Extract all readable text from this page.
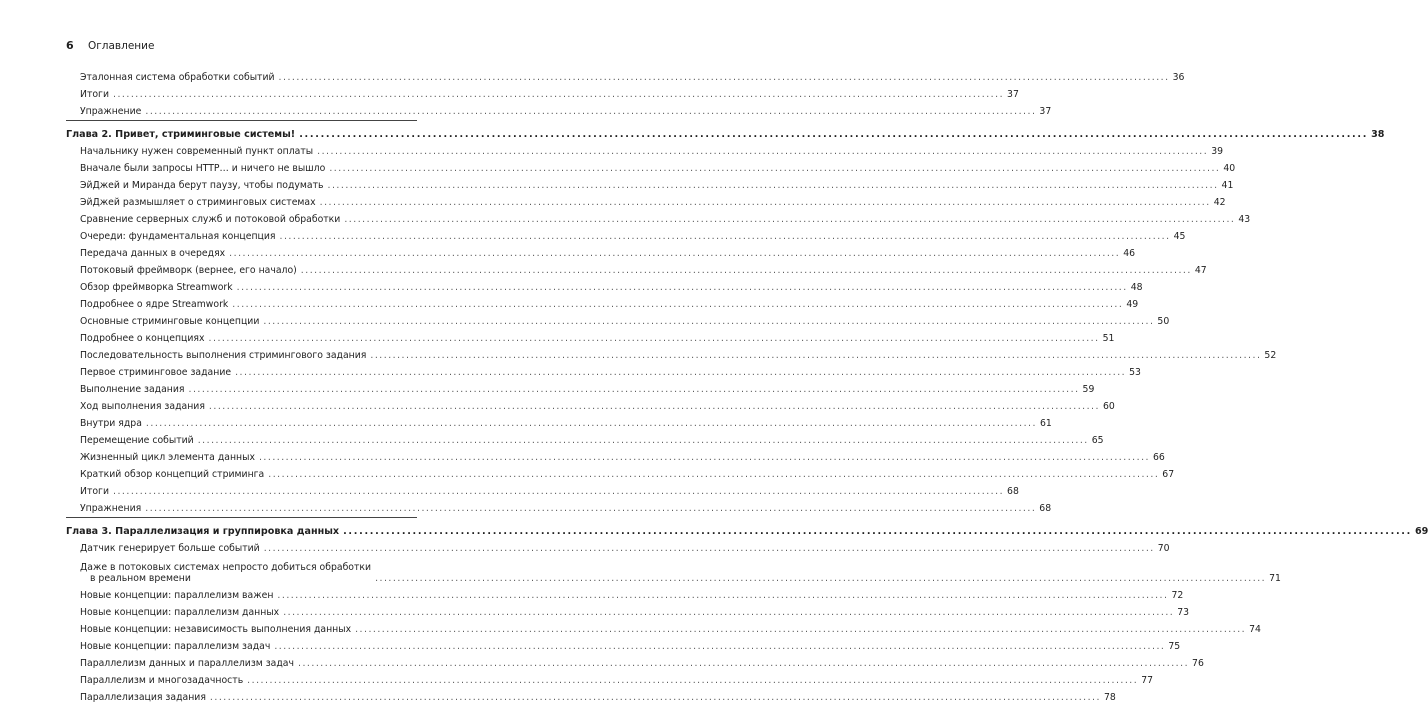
6	Оглавление
Эталонная система обработки событий ........................................................................................................................................................................................................ 36
Итоги ........................................................................................................................................................................................................ 37
Упражнение ........................................................................................................................................................................................................ 37
Глава 2. Привет, стриминговые системы! ........................................................................................................................................................................................................ 38
Начальнику нужен современный пункт оплаты ........................................................................................................................................................................................................ 39
Вначале были запросы HTTP… и ничего не вышло ........................................................................................................................................................................................................ 40
ЭйДжей и Миранда берут паузу, чтобы подумать ........................................................................................................................................................................................................ 41
ЭйДжей размышляет о стриминговых системах ........................................................................................................................................................................................................ 42
Сравнение серверных служб и потоковой обработки ........................................................................................................................................................................................................ 43
Очереди: фундаментальная концепция ........................................................................................................................................................................................................ 45
Передача данных в очередях ........................................................................................................................................................................................................ 46
Потоковый фреймворк (вернее, его начало) ........................................................................................................................................................................................................ 47
Обзор фреймворка Streamwork ........................................................................................................................................................................................................ 48
Подробнее о ядре Streamwork ........................................................................................................................................................................................................ 49
Основные стриминговые концепции ........................................................................................................................................................................................................ 50
Подробнее о концепциях ........................................................................................................................................................................................................ 51
Последовательность выполнения стримингового задания ........................................................................................................................................................................................................ 52
Первое стриминговое задание ........................................................................................................................................................................................................ 53
Выполнение задания ........................................................................................................................................................................................................ 59
Ход выполнения задания ........................................................................................................................................................................................................ 60
Внутри ядра ........................................................................................................................................................................................................ 61
Перемещение событий ........................................................................................................................................................................................................ 65
Жизненный цикл элемента данных ........................................................................................................................................................................................................ 66
Краткий обзор концепций стриминга ........................................................................................................................................................................................................ 67
Итоги ........................................................................................................................................................................................................ 68
Упражнения ........................................................................................................................................................................................................ 68
Глава 3. Параллелизация и группировка данных ........................................................................................................................................................................................................ 69
Датчик генерирует больше событий ........................................................................................................................................................................................................ 70
Даже в потоковых системах непросто добиться обработки
в реальном времени	........................................................................................................................................................................................................ 71
Новые концепции: параллелизм важен ........................................................................................................................................................................................................ 72
Новые концепции: параллелизм данных ........................................................................................................................................................................................................ 73
Новые концепции: независимость выполнения данных ........................................................................................................................................................................................................ 74
Новые концепции: параллелизм задач ........................................................................................................................................................................................................ 75
Параллелизм данных и параллелизм задач ........................................................................................................................................................................................................ 76
Параллелизм и многозадачность ........................................................................................................................................................................................................ 77
Параллелизация задания ........................................................................................................................................................................................................ 78
